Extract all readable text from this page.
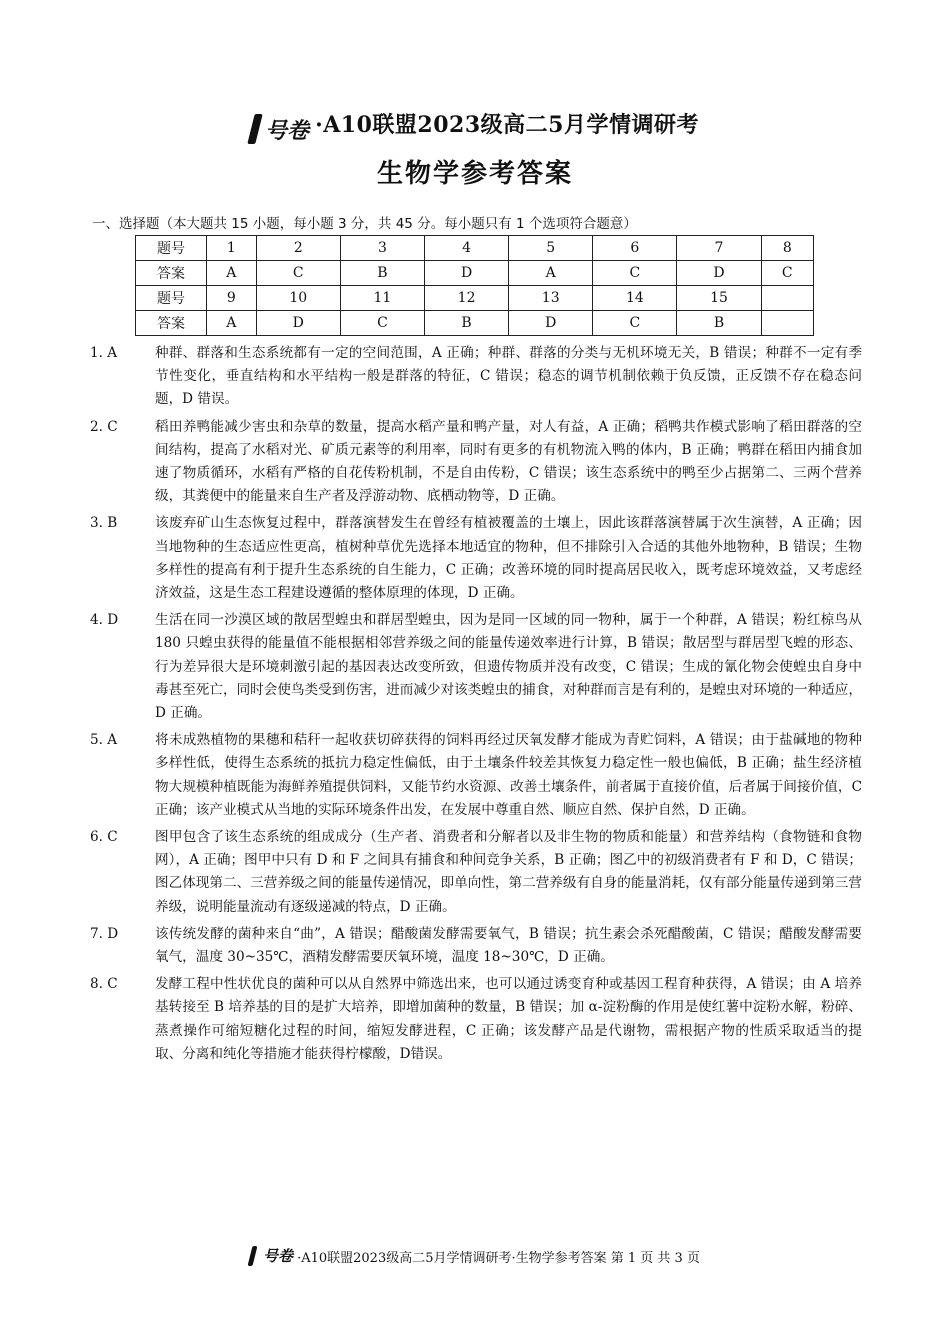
号卷 ·A10联盟2023级高二5月学情调研考
生物学参考答案
一、选择题（本大题共 15 小题，每小题 3 分，共 45 分。每小题只有 1 个选项符合题意）
题号	1	2	3	4	5	6	7	8
答案	A	C	B	D	A	C	D	C
题号	9	10	11	12	13	14	15	
答案	A	D	C	B	D	C	B	
1. A	种群、群落和生态系统都有一定的空间范围，A 正确；种群、群落的分类与无机环境无关，B 错误；种群不一定有季节性变化，垂直结构和水平结构一般是群落的特征，C 错误；稳态的调节机制依赖于负反馈，正反馈不存在稳态问题，D 错误。
2. C	稻田养鸭能减少害虫和杂草的数量，提高水稻产量和鸭产量，对人有益，A 正确；稻鸭共作模式影响了稻田群落的空间结构，提高了水稻对光、矿质元素等的利用率，同时有更多的有机物流入鸭的体内，B 正确；鸭群在稻田内捕食加速了物质循环，水稻有严格的自花传粉机制，不是自由传粉，C 错误；该生态系统中的鸭至少占据第二、三两个营养级，其粪便中的能量来自生产者及浮游动物、底栖动物等，D 正确。
3. B	该废弃矿山生态恢复过程中，群落演替发生在曾经有植被覆盖的土壤上，因此该群落演替属于次生演替，A 正确；因当地物种的生态适应性更高，植树种草优先选择本地适宜的物种，但不排除引入合适的其他外地物种，B 错误；生物多样性的提高有利于提升生态系统的自生能力，C 正确；改善环境的同时提高居民收入，既考虑环境效益，又考虑经济效益，这是生态工程建设遵循的整体原理的体现，D 正确。
4. D	生活在同一沙漠区域的散居型蝗虫和群居型蝗虫，因为是同一区域的同一物种，属于一个种群，A 错误；粉红椋鸟从 180 只蝗虫获得的能量值不能根据相邻营养级之间的能量传递效率进行计算，B 错误；散居型与群居型飞蝗的形态、行为差异很大是环境刺激引起的基因表达改变所致，但遗传物质并没有改变，C 错误；生成的氰化物会使蝗虫自身中毒甚至死亡，同时会使鸟类受到伤害，进而减少对该类蝗虫的捕食，对种群而言是有利的，是蝗虫对环境的一种适应，D 正确。
5. A	将未成熟植物的果穗和秸秆一起收获切碎获得的饲料再经过厌氧发酵才能成为青贮饲料，A 错误；由于盐碱地的物种多样性低，使得生态系统的抵抗力稳定性偏低，由于土壤条件较差其恢复力稳定性一般也偏低，B 正确；盐生经济植物大规模种植既能为海鲜养殖提供饲料，又能节约水资源、改善土壤条件，前者属于直接价值，后者属于间接价值，C 正确；该产业模式从当地的实际环境条件出发，在发展中尊重自然、顺应自然、保护自然，D 正确。
6. C	图甲包含了该生态系统的组成成分（生产者、消费者和分解者以及非生物的物质和能量）和营养结构（食物链和食物网），A 正确；图甲中只有 D 和 F 之间具有捕食和种间竞争关系，B 正确；图乙中的初级消费者有 F 和 D，C 错误；图乙体现第二、三营养级之间的能量传递情况，即单向性，第二营养级有自身的能量消耗，仅有部分能量传递到第三营养级，说明能量流动有逐级递减的特点，D 正确。
7. D	该传统发酵的菌种来自“曲”，A 错误；醋酸菌发酵需要氧气，B 错误；抗生素会杀死醋酸菌，C 错误；醋酸发酵需要氧气，温度 30~35℃，酒精发酵需要厌氧环境，温度 18~30℃，D 正确。
8. C	发酵工程中性状优良的菌种可以从自然界中筛选出来，也可以通过诱变育种或基因工程育种获得，A 错误；由 A 培养基转接至 B 培养基的目的是扩大培养，即增加菌种的数量，B 错误；加 α-淀粉酶的作用是使红薯中淀粉水解，粉碎、蒸煮操作可缩短糖化过程的时间，缩短发酵进程，C 正确；该发酵产品是代谢物，需根据产物的性质采取适当的提取、分离和纯化等措施才能获得柠檬酸，D错误。
号卷 ·A10联盟2023级高二5月学情调研考·生物学参考答案 第 1 页 共 3 页
